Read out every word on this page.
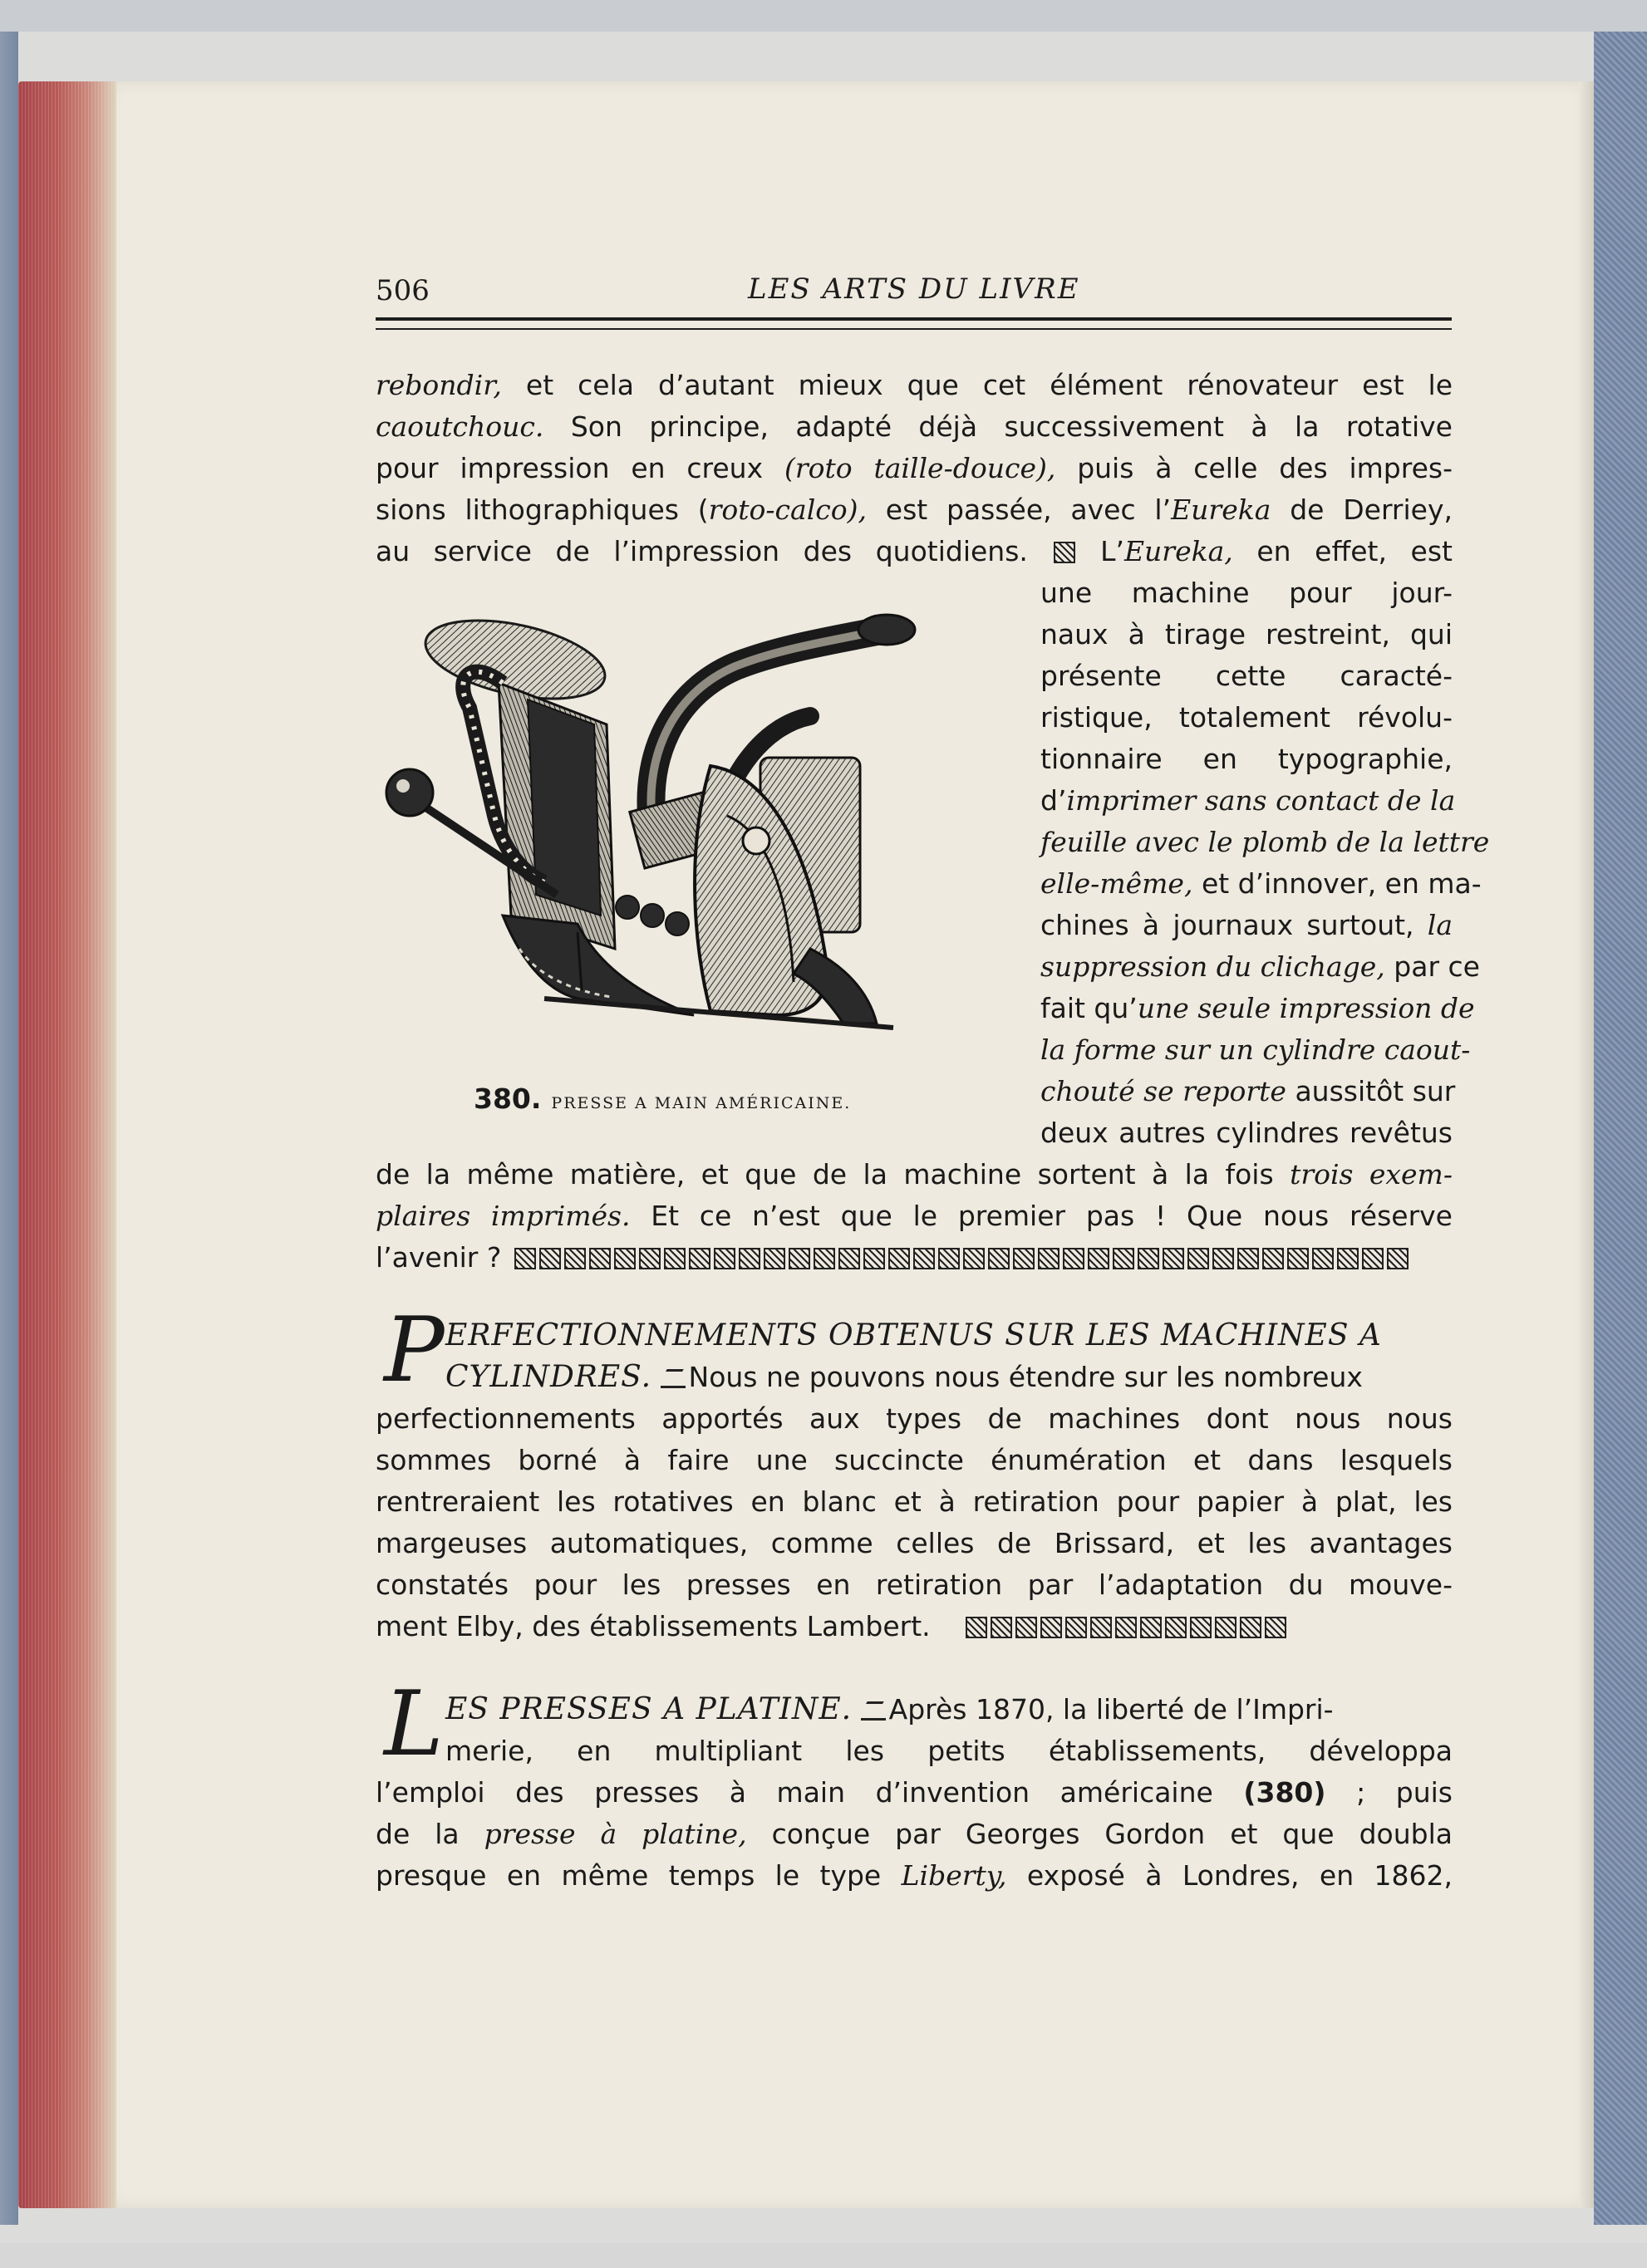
506	LES ARTS DU LIVRE
rebondir, et cela d’autant mieux que cet élément rénovateur est le
caoutchouc. Son principe, adapté déjà successivement à la rotative
pour impression en creux (roto taille-douce), puis à celle des impres-
sions lithographiques (roto-calco), est passée, avec l’Eureka de Derriey,
au service de l’impression des quotidiens.  L’Eureka, en effet, est
une machine pour jour-
naux à tirage restreint, qui
présente cette caracté-
ristique, totalement révolu-
tionnaire en typographie,
d’imprimer sans contact de la
feuille avec le plomb de la lettre
elle-même, et d’innover, en ma-
chines à journaux surtout, la
suppression du clichage, par ce
fait qu’une seule impression de
la forme sur un cylindre caout-
chouté se reporte aussitôt sur
deux autres cylindres revêtus
380. PRESSE A MAIN AMÉRICAINE.
de la même matière, et que de la machine sortent à la fois trois exem-
plaires imprimés. Et ce n’est que le premier pas ! Que nous réserve
l’avenir ?
P ERFECTIONNEMENTS OBTENUS SUR LES MACHINES A
CYLINDRES. Nous ne pouvons nous étendre sur les nombreux
perfectionnements apportés aux types de machines dont nous nous
sommes borné à faire une succincte énumération et dans lesquels
rentreraient les rotatives en blanc et à retiration pour papier à plat, les
margeuses automatiques, comme celles de Brissard, et les avantages
constatés pour les presses en retiration par l’adaptation du mouve-
ment Elby, des établissements Lambert.
L ES PRESSES A PLATINE. Après 1870, la liberté de l’Impri-
merie, en multipliant les petits établissements, développa
l’emploi des presses à main d’invention américaine (380) ; puis
de la presse à platine, conçue par Georges Gordon et que doubla
presque en même temps le type Liberty, exposé à Londres, en 1862,
